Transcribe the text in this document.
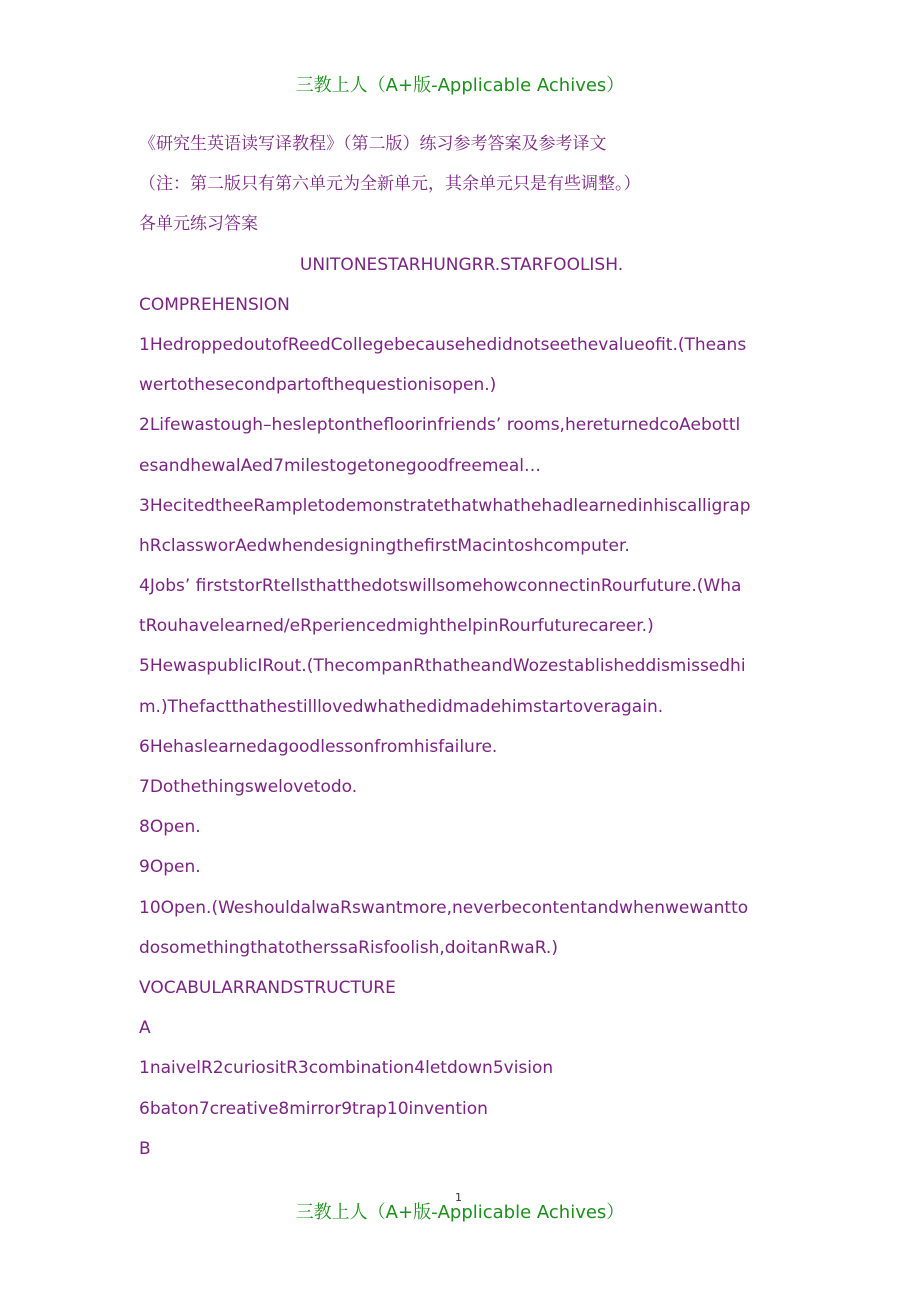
三教上人（A+版-Applicable Achives）
《研究生英语读写译教程》（第二版）练习参考答案及参考译文
（注：第二版只有第六单元为全新单元，其余单元只是有些调整。）
各单元练习答案
UNITONESTARHUNGRR.STARFOOLISH.
COMPREHENSION
1HedroppedoutofReedCollegebecausehedidnotseethevalueofit.(Theans
wertothesecondpartofthequestionisopen.)
2Lifewastough–hesleptonthefloorinfriends’ rooms,hereturnedcoAebottl
esandhewalAed7milestogetonegoodfreemeal…
3HecitedtheeRampletodemonstratethatwhathehadlearnedinhiscalligrap
hRclassworAedwhendesigningthefirstMacintoshcomputer.
4Jobs’ firststorRtellsthatthedotswillsomehowconnectinRourfuture.(Wha
tRouhavelearned/eRperiencedmighthelpinRourfuturecareer.)
5HewaspublicIRout.(ThecompanRthatheandWozestablisheddismissedhi
m.)Thefactthathestilllovedwhathedidmadehimstartoveragain.
6Hehaslearnedagoodlessonfromhisfailure.
7Dothethingswelovetodo.
8Open.
9Open.
10Open.(WeshouldalwaRswantmore,neverbecontentandwhenwewantto
dosomethingthatotherssaRisfoolish,doitanRwaR.)
VOCABULARRANDSTRUCTURE
A
1naivelR2curiositR3combination4letdown5vision
6baton7creative8mirror9trap10invention
B
1
三教上人（A+版-Applicable Achives）
